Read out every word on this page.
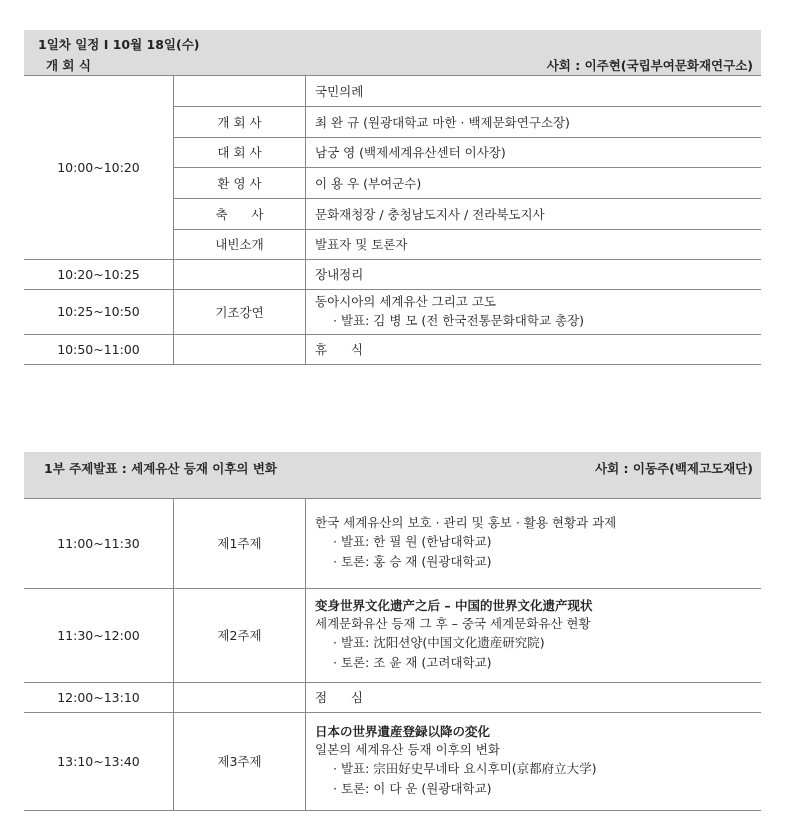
1일차 일정 Ι 10월 18일(수)
개 회 식	사회 : 이주현(국립부여문화재연구소)
10:00~10:20		국민의례
	개 회 사	최 완 규 (원광대학교 마한 · 백제문화연구소장)
	대 회 사	남궁 영 (백제세계유산센터 이사장)
	환 영 사	이 용 우 (부여군수)
	축      사	문화재청장 / 충청남도지사 / 전라북도지사
	내빈소개	발표자 및 토론자
10:20~10:25		장내정리
10:25~10:50	기조강연	동아시아의 세계유산 그리고 고도
· 발표: 김 병 모 (전 한국전통문화대학교 총장)

10:50~11:00		휴      식
1부 주제발표 : 세계유산 등재 이후의 변화	사회 : 이동주(백제고도재단)
11:00~11:30	제1주제	한국 세계유산의 보호 · 관리 및 홍보 · 활용 현황과 과제
· 발표: 한 필 원 (한남대학교)
· 토론: 홍 승 재 (원광대학교)

11:30~12:00	제2주제	变身世界文化遗产之后 – 中国的世界文化遗产现状
세계문화유산 등재 그 후 – 중국 세계문화유산 현황
· 발표: 沈阳션양(中国文化遗産研究院)
· 토론: 조 윤 재 (고려대학교)

12:00~13:10		점      심
13:10~13:40	제3주제	日本の世界遺産登録以降の変化
일본의 세계유산 등재 이후의 변화
· 발표: 宗田好史무네타 요시후미(京都府立大学)
· 토론: 이 다 운 (원광대학교)
